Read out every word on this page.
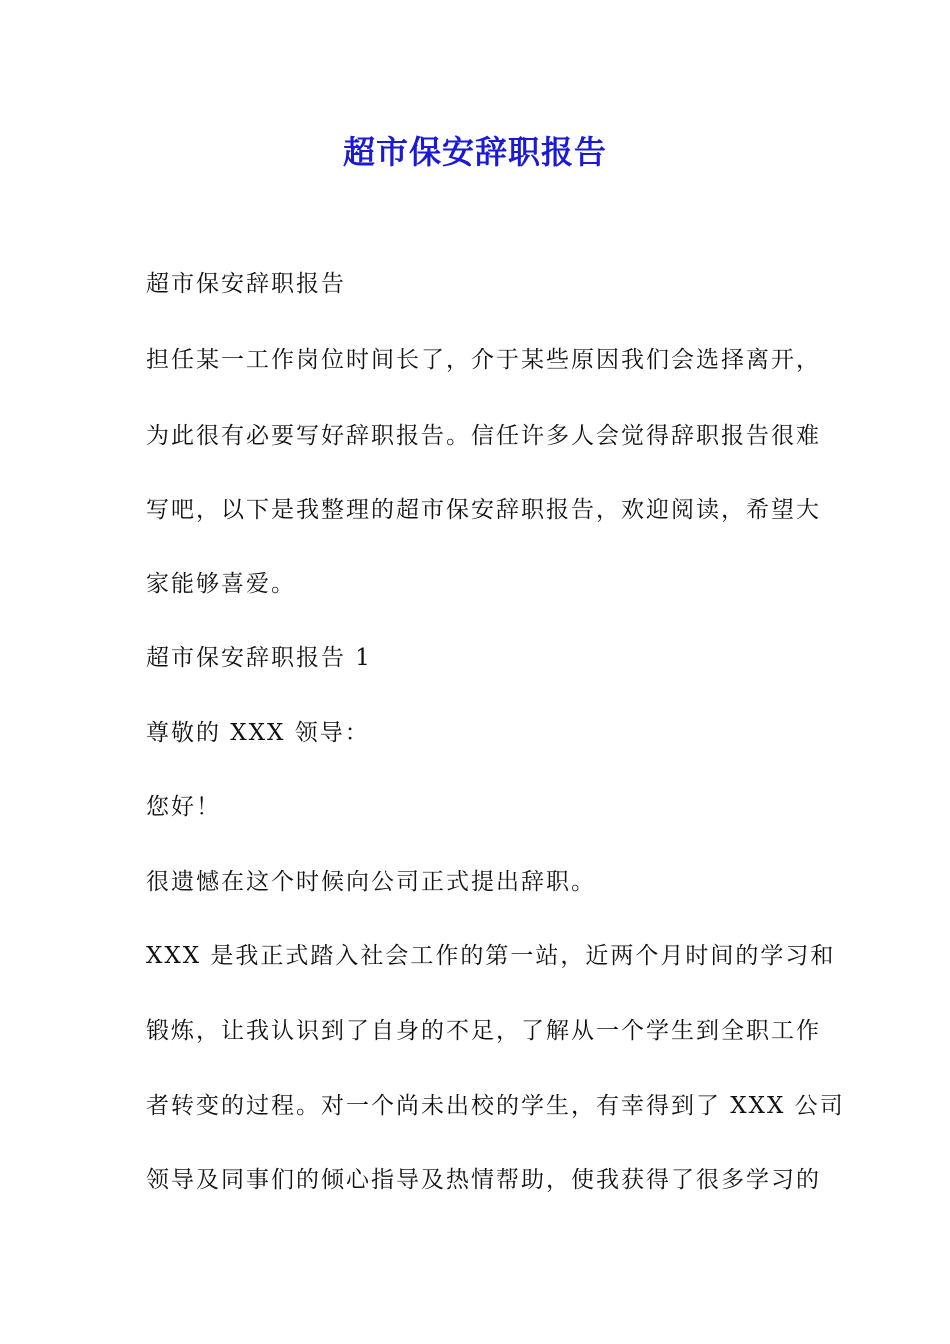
超市保安辞职报告
超市保安辞职报告
担任某一工作岗位时间长了，介于某些原因我们会选择离开，
为此很有必要写好辞职报告。信任许多人会觉得辞职报告很难
写吧，以下是我整理的超市保安辞职报告，欢迎阅读，希望大
家能够喜爱。
超市保安辞职报告 1
尊敬的 XXX 领导：
您好！
很遗憾在这个时候向公司正式提出辞职。
XXX 是我正式踏入社会工作的第一站，近两个月时间的学习和
锻炼，让我认识到了自身的不足，了解从一个学生到全职工作
者转变的过程。对一个尚未出校的学生，有幸得到了 XXX 公司
领导及同事们的倾心指导及热情帮助，使我获得了很多学习的
